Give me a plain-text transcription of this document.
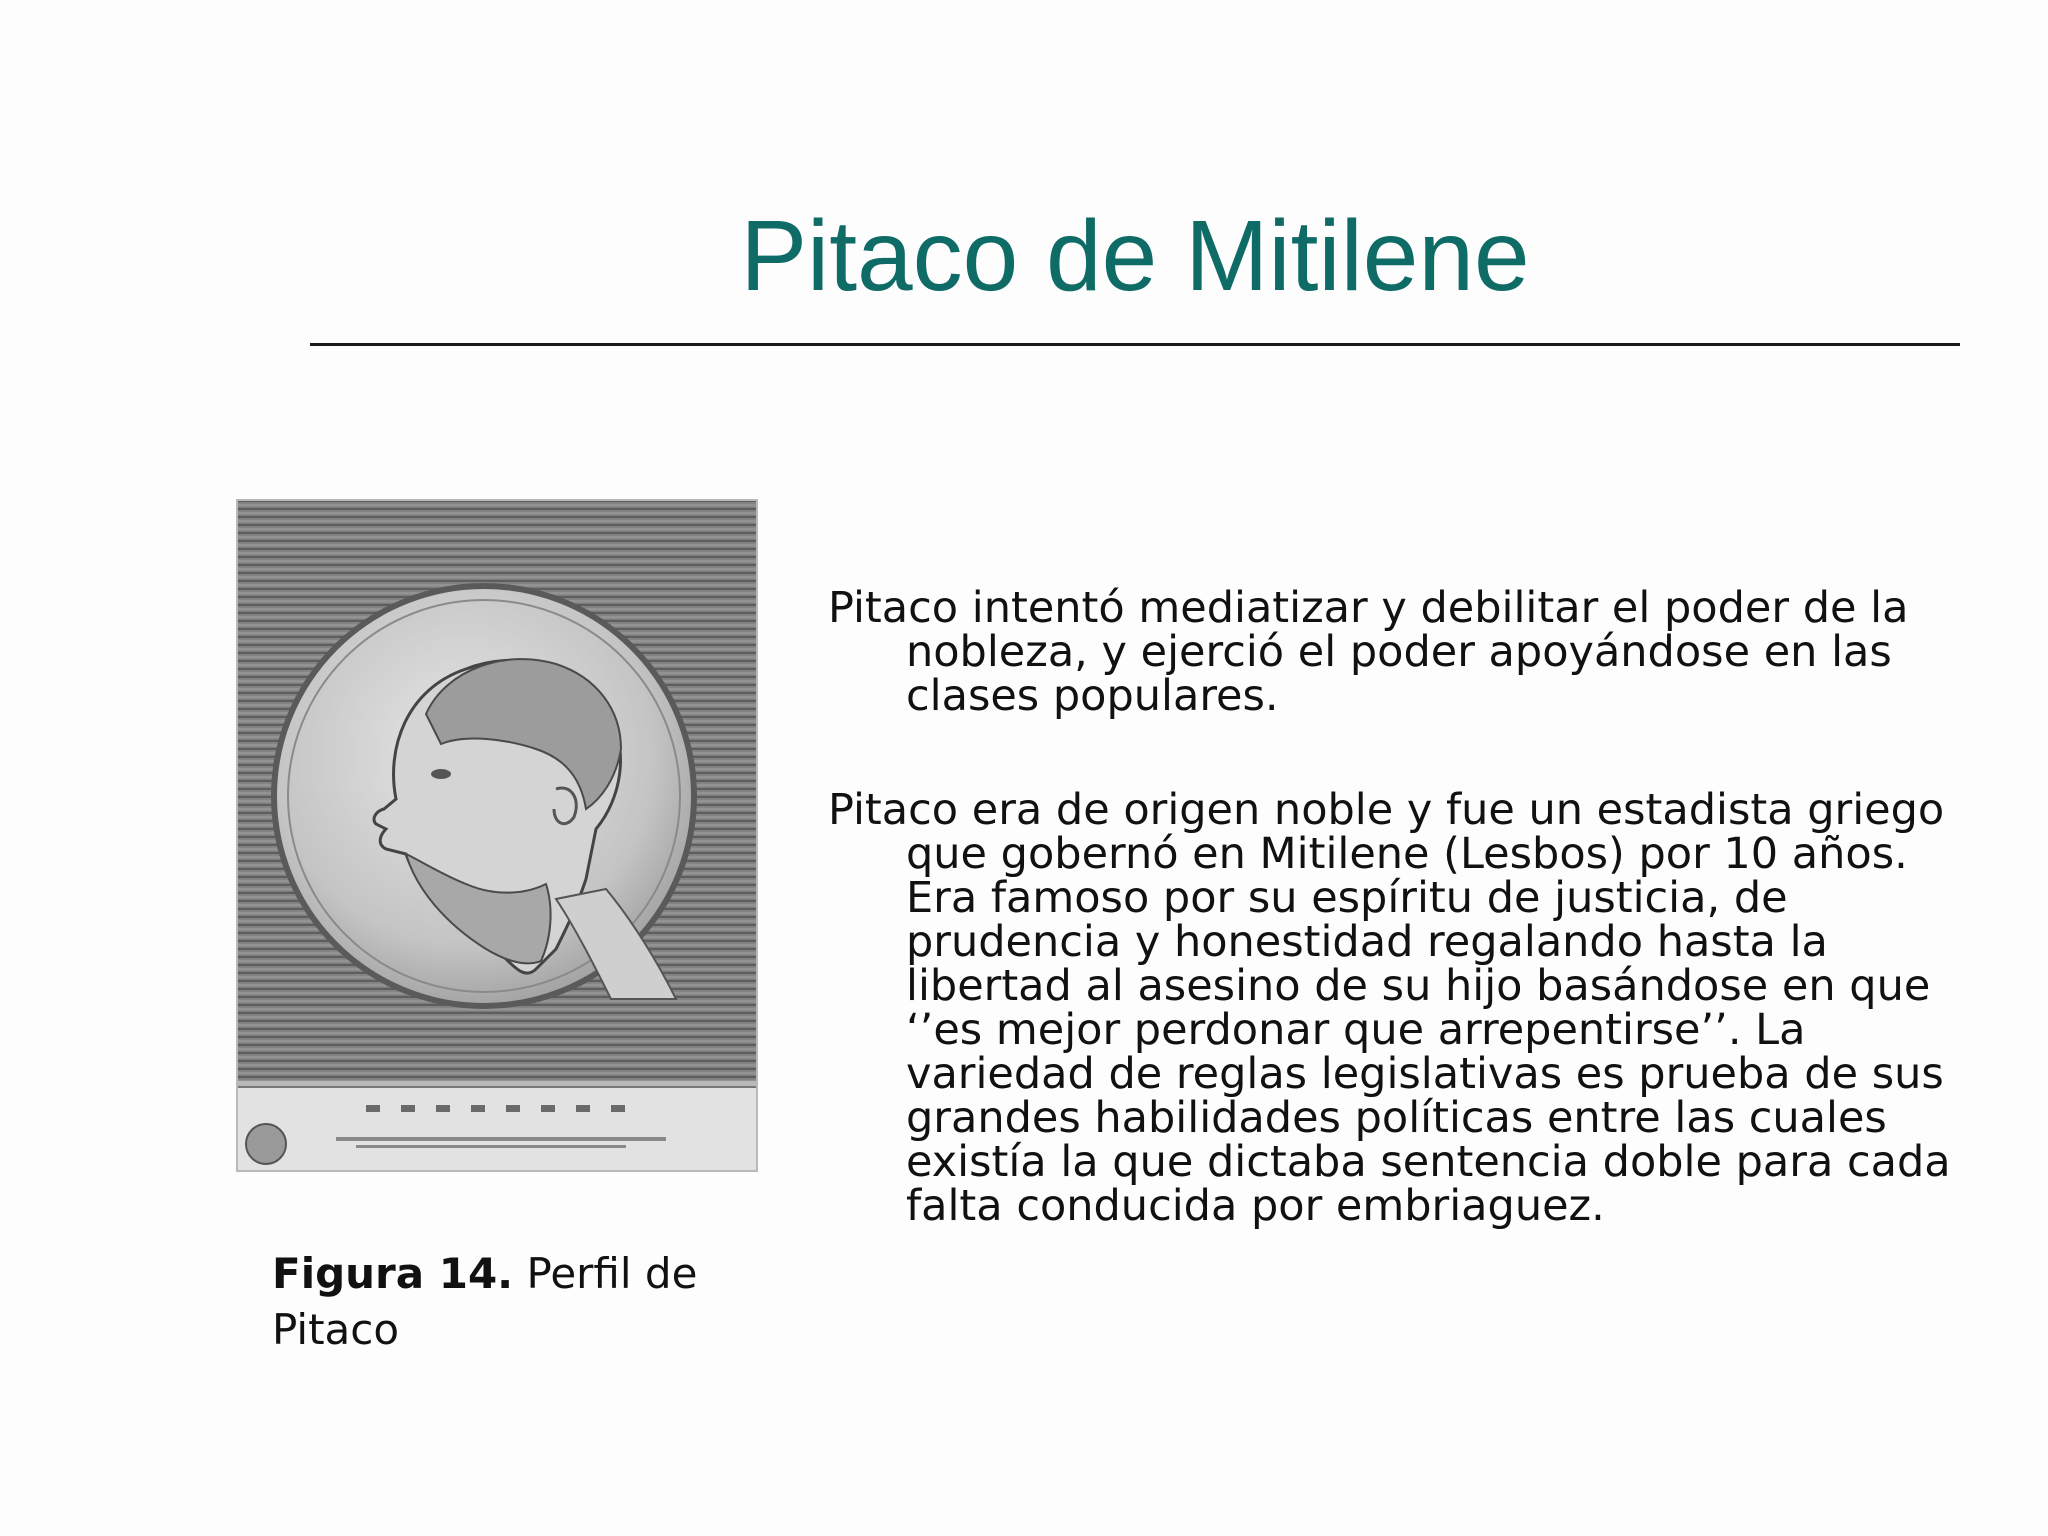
Pitaco de Mitilene
Figura 14. Perfil de Pitaco

Pitaco intentó mediatizar y debilitar el poder de la nobleza, y ejerció el poder apoyándose en las clases populares.

Pitaco era de origen noble y fue un estadista griego que gobernó en Mitilene (Lesbos) por 10 años. Era famoso por su espíritu de justicia, de prudencia y honestidad regalando hasta la libertad al asesino de su hijo basándose en que ‘’es mejor perdonar que arrepentirse’’. La variedad de reglas legislativas es prueba de sus grandes habilidades políticas entre las cuales existía la que dictaba sentencia doble para cada falta conducida por embriaguez.
